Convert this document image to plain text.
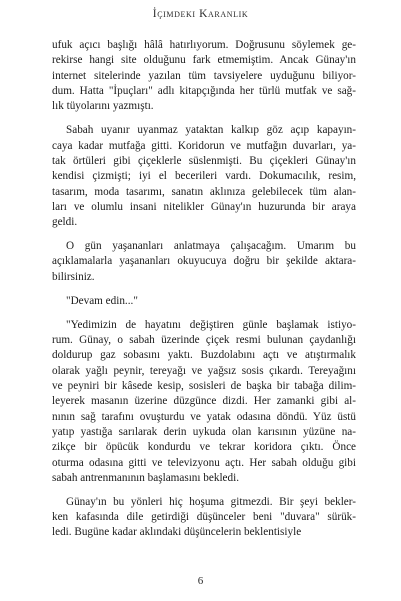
İçimdeki Karanlık
ufuk açıcı başlığı hâlâ hatırlıyorum. Doğrusunu söylemek ge-
rekirse hangi site olduğunu fark etmemiştim. Ancak Günay'ın
internet sitelerinde yazılan tüm tavsiyelere uyduğunu biliyor-
dum. Hatta "İpuçları" adlı kitapçığında her türlü mutfak ve sağ-
lık tüyolarını yazmıştı.
Sabah uyanır uyanmaz yataktan kalkıp göz açıp kapayın-
caya kadar mutfağa gitti. Koridorun ve mutfağın duvarları, ya-
tak örtüleri gibi çiçeklerle süslenmişti. Bu çiçekleri Günay'ın
kendisi çizmişti; iyi el becerileri vardı. Dokumacılık, resim,
tasarım, moda tasarımı, sanatın aklınıza gelebilecek tüm alan-
ları ve olumlu insani nitelikler Günay'ın huzurunda bir araya
geldi.
O gün yaşananları anlatmaya çalışacağım. Umarım bu
açıklamalarla yaşananları okuyucuya doğru bir şekilde aktara-
bilirsiniz.
"Devam edin..."
"Yedimizin de hayatını değiştiren günle başlamak istiyo-
rum. Günay, o sabah üzerinde çiçek resmi bulunan çaydanlığı
doldurup gaz sobasını yaktı. Buzdolabını açtı ve atıştırmalık
olarak yağlı peynir, tereyağı ve yağsız sosis çıkardı. Tereyağını
ve peyniri bir kâsede kesip, sosisleri de başka bir tabağa dilim-
leyerek masanın üzerine düzgünce dizdi. Her zamanki gibi al-
nının sağ tarafını ovuşturdu ve yatak odasına döndü. Yüz üstü
yatıp yastığa sarılarak derin uykuda olan karısının yüzüne na-
zikçe bir öpücük kondurdu ve tekrar koridora çıktı. Önce
oturma odasına gitti ve televizyonu açtı. Her sabah olduğu gibi
sabah antrenmanının başlamasını bekledi.
Günay'ın bu yönleri hiç hoşuma gitmezdi. Bir şeyi bekler-
ken kafasında dile getirdiği düşünceler beni "duvara" sürük-
ledi. Bugüne kadar aklındaki düşüncelerin beklentisiyle
6
